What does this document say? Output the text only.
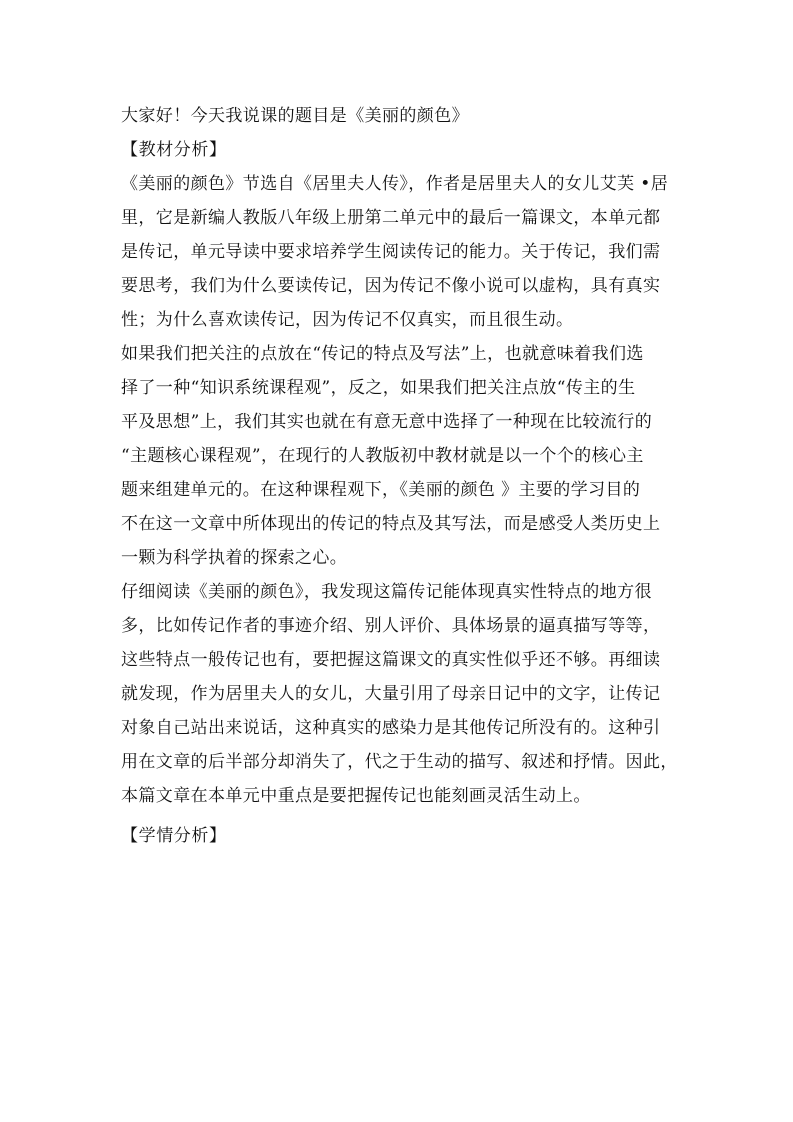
大家好！今天我说课的题目是《美丽的颜色》

【教材分析】

《美丽的颜色》节选自《居里夫人传》，作者是居里夫人的女儿艾芙 •居

里，它是新编人教版八年级上册第二单元中的最后一篇课文，本单元都

是传记，单元导读中要求培养学生阅读传记的能力。关于传记，我们需

要思考，我们为什么要读传记，因为传记不像小说可以虚构，具有真实

性；为什么喜欢读传记，因为传记不仅真实，而且很生动。

如果我们把关注的点放在“传记的特点及写法”上，也就意味着我们选

择了一种“知识系统课程观”，反之，如果我们把关注点放“传主的生

平及思想”上，我们其实也就在有意无意中选择了一种现在比较流行的

“主题核心课程观”，在现行的人教版初中教材就是以一个个的核心主

题来组建单元的。在这种课程观下，《美丽的颜色 》主要的学习目的

不在这一文章中所体现出的传记的特点及其写法，而是感受人类历史上

一颗为科学执着的探索之心。

仔细阅读《美丽的颜色》，我发现这篇传记能体现真实性特点的地方很

多，比如传记作者的事迹介绍、别人评价、具体场景的逼真描写等等，

这些特点一般传记也有，要把握这篇课文的真实性似乎还不够。再细读

就发现，作为居里夫人的女儿，大量引用了母亲日记中的文字，让传记

对象自己站出来说话，这种真实的感染力是其他传记所没有的。这种引

用在文章的后半部分却消失了，代之于生动的描写、叙述和抒情。因此，

本篇文章在本单元中重点是要把握传记也能刻画灵活生动上。

【学情分析】
